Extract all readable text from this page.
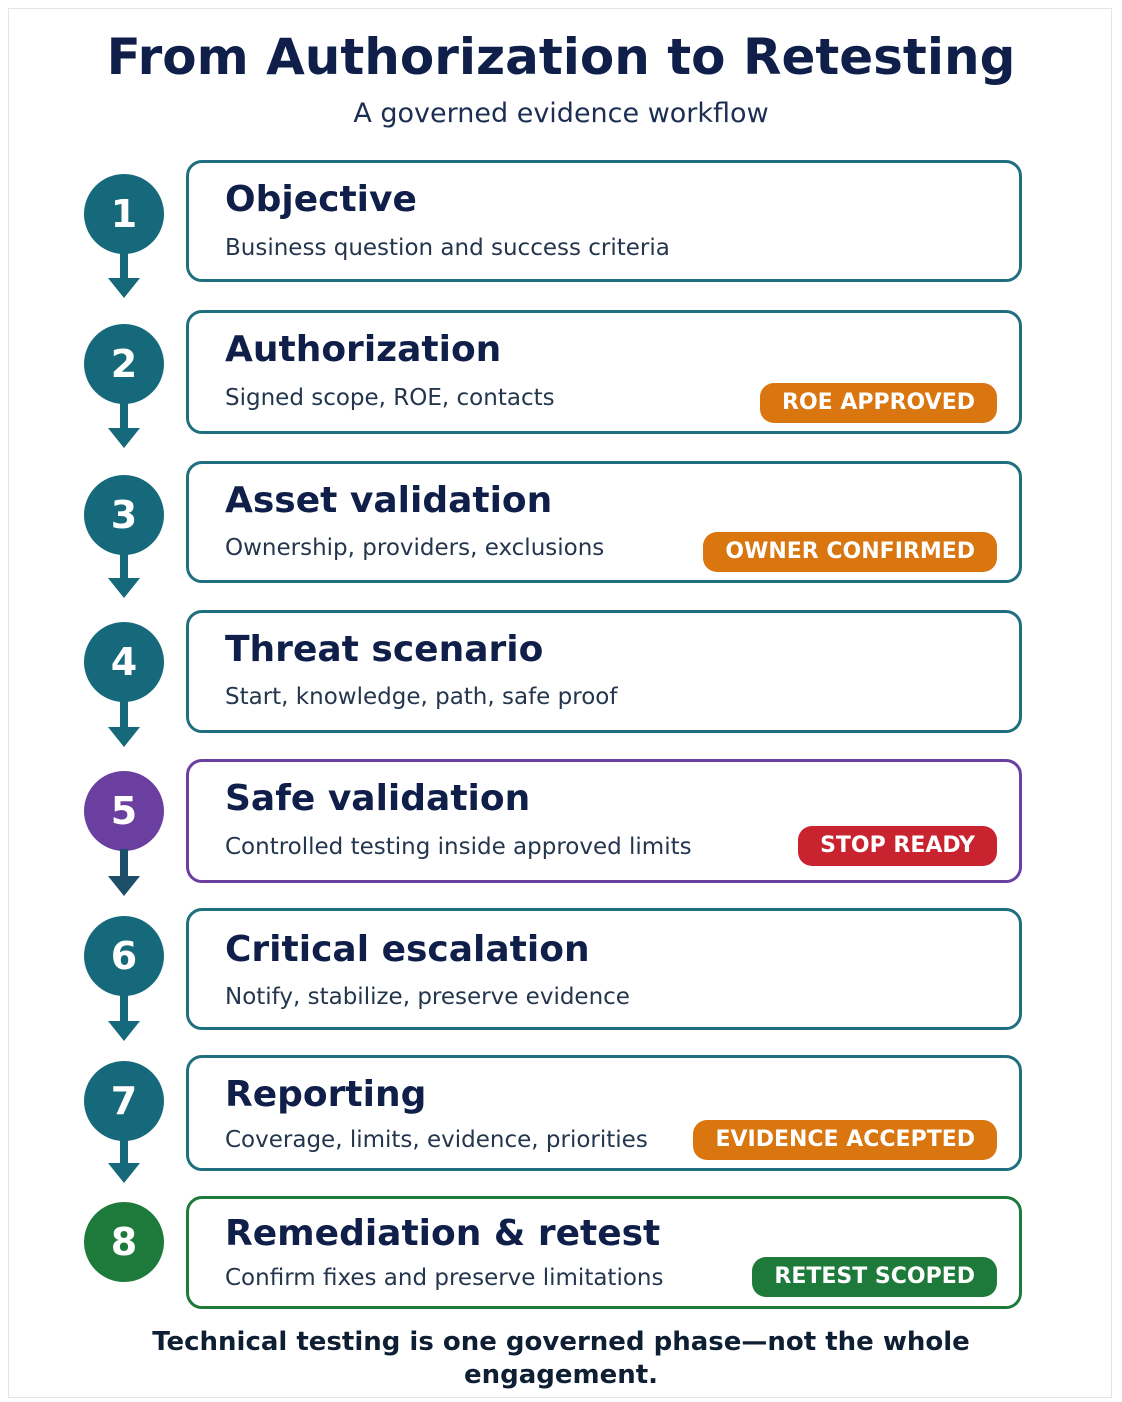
From Authorization to Retesting
A governed evidence workflow
1	Objective
Business question and success criteria
2	Authorization
Signed scope, ROE, contacts	ROE APPROVED
3	Asset validation
Ownership, providers, exclusions	OWNER CONFIRMED
4	Threat scenario
Start, knowledge, path, safe proof
5	Safe validation
Controlled testing inside approved limits	STOP READY
6	Critical escalation
Notify, stabilize, preserve evidence
7	Reporting
Coverage, limits, evidence, priorities	EVIDENCE ACCEPTED
8	Remediation & retest
Confirm fixes and preserve limitations	RETEST SCOPED
Technical testing is one governed phase—not the whole engagement.
